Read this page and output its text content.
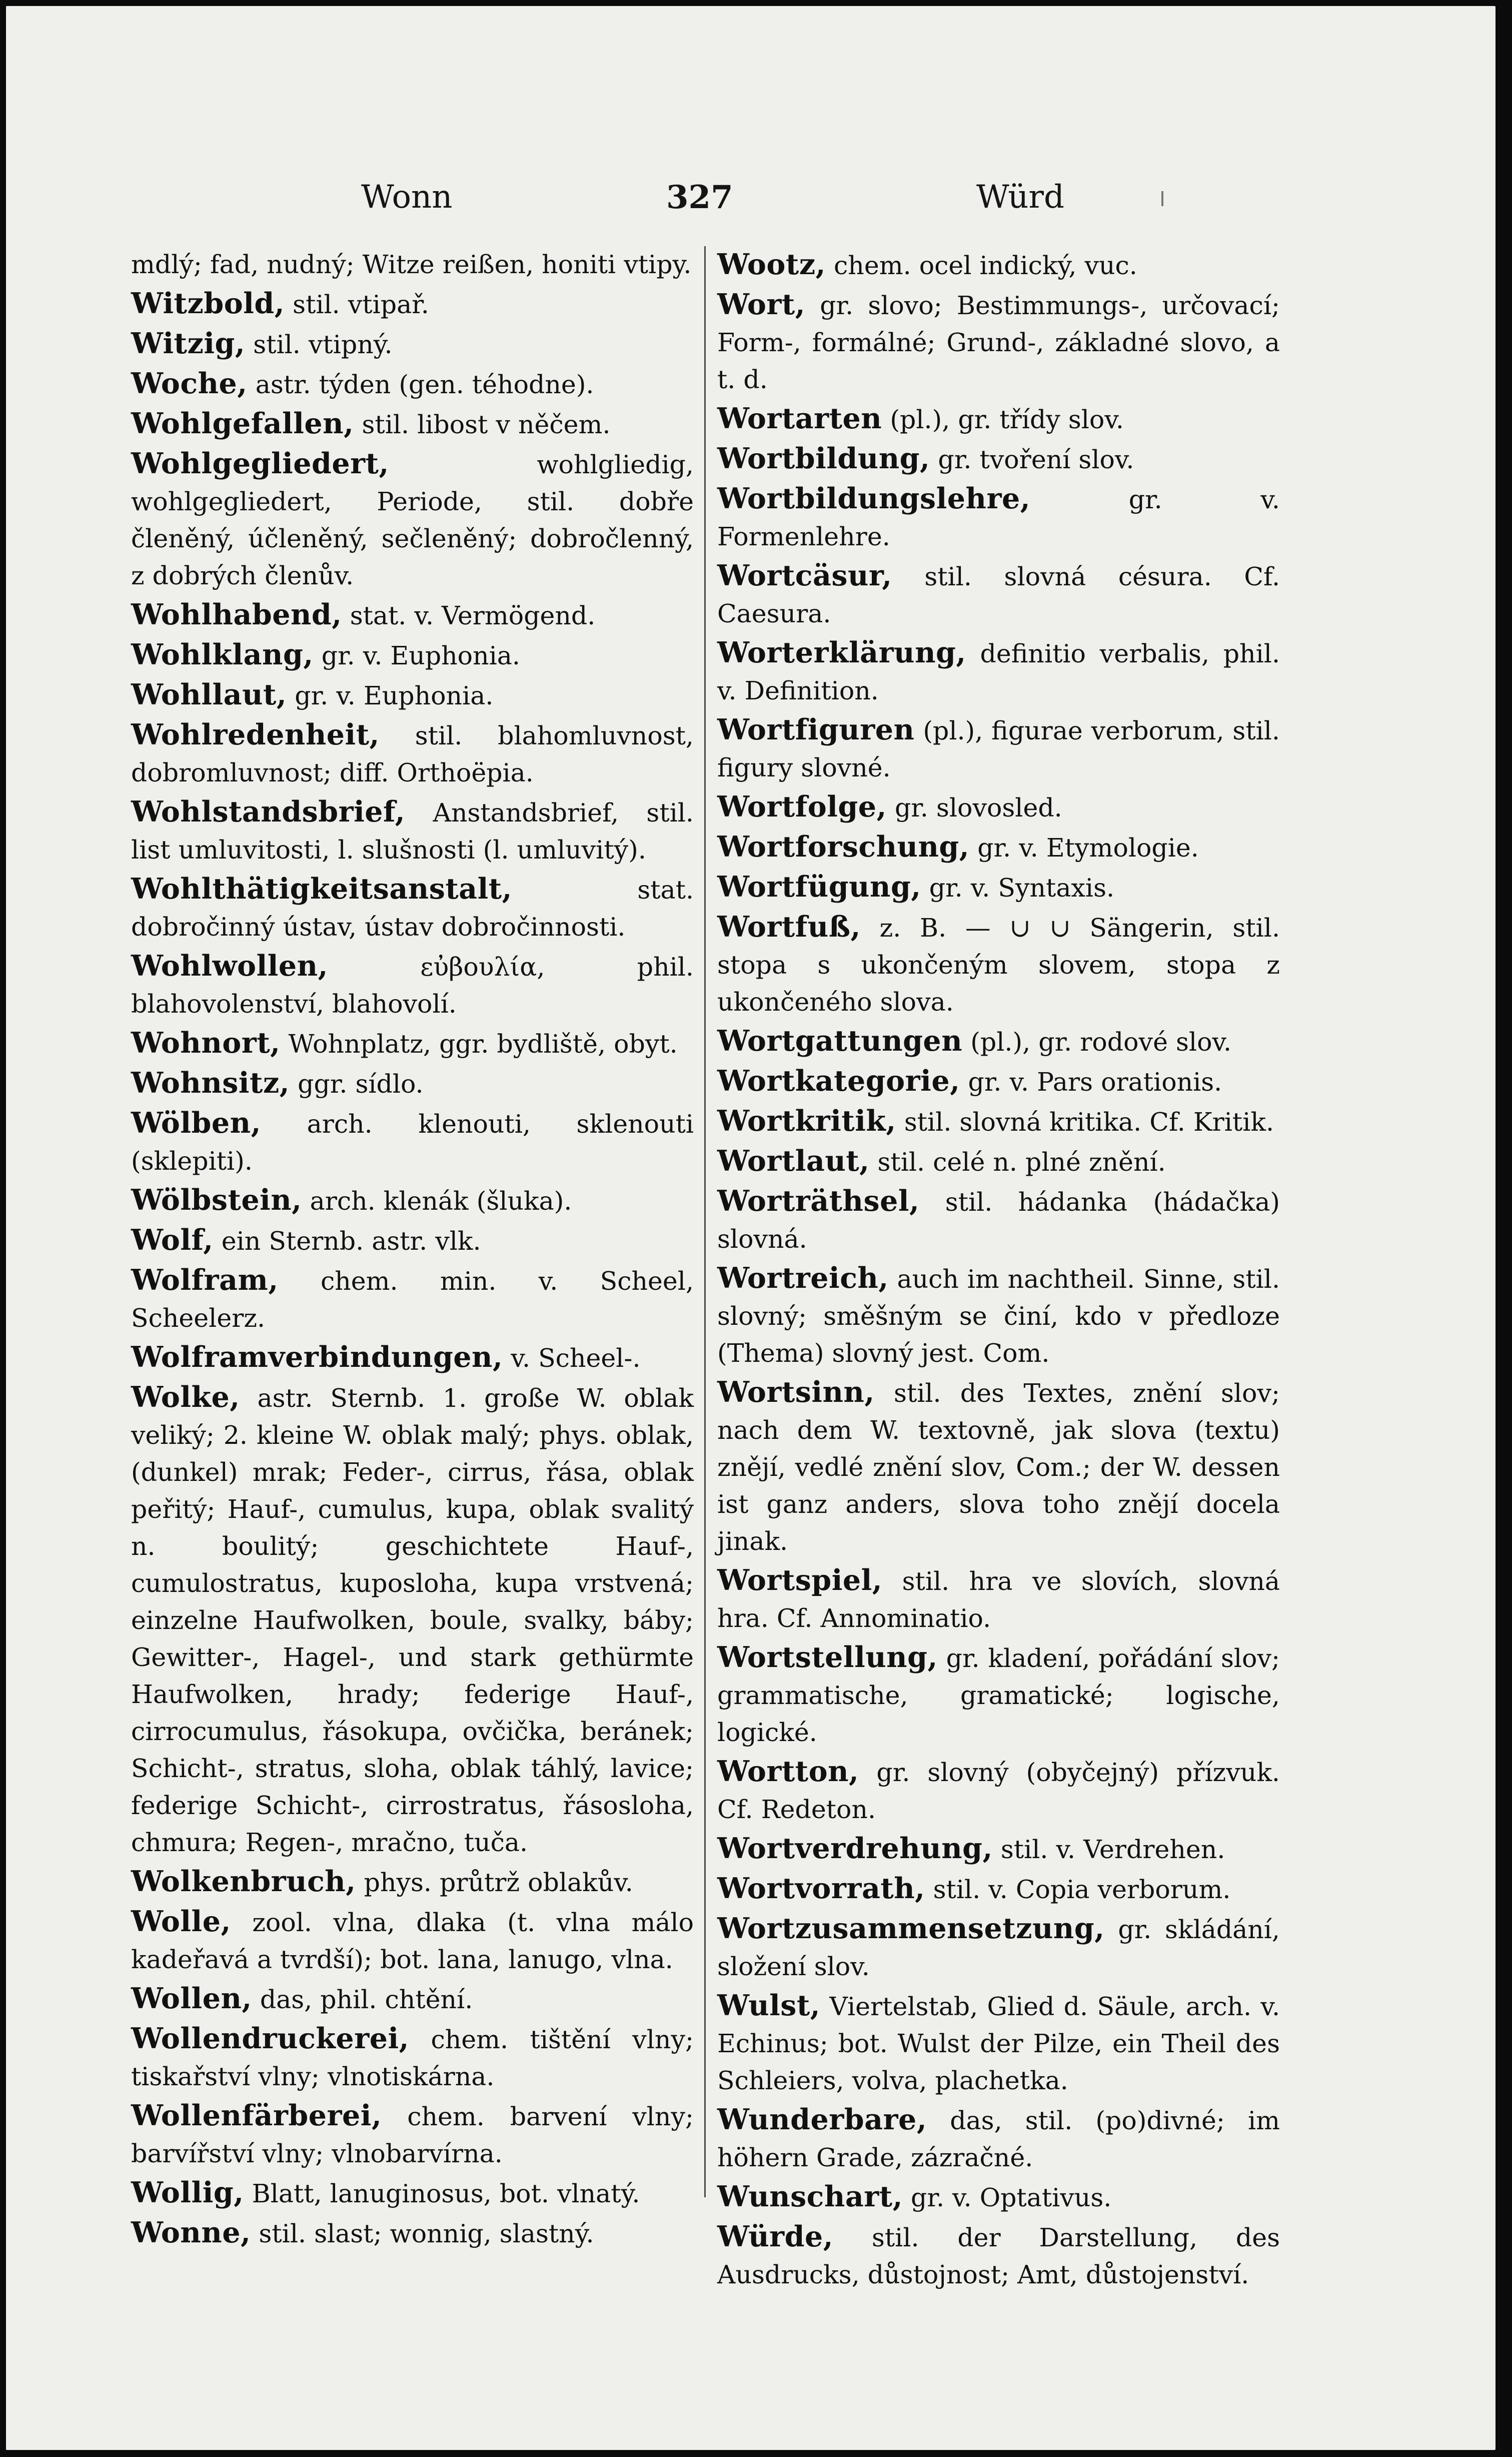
Wonn	327	Würd

mdlý; fad, nudný; Witze reißen, honiti vtipy.

Witzbold, stil. vtipař.

Witzig, stil. vtipný.

Woche, astr. týden (gen. téhodne).

Wohlgefallen, stil. libost v něčem.

Wohlgegliedert,	wohlgliedig, wohlgegliedert, Periode, stil. dobře členěný, účleněný, sečleněný; dobročlenný, z dobrých členův.

Wohlhabend, stat. v. Vermögend.

Wohlklang, gr. v. Euphonia.

Wohllaut, gr. v. Euphonia.

Wohlredenheit, stil. blahomluvnost, dobromluvnost; diff. Orthoëpia.

Wohlstandsbrief, Anstandsbrief, stil. list umluvitosti, l. slušnosti (l. umluvitý).

Wohlthätigkeitsanstalt,	stat. dobročinný ústav, ústav dobročinnosti.

Wohlwollen,	εὐβουλία, phil. blahovolenství, blahovolí.

Wohnort, Wohnplatz, ggr. bydliště, obyt.

Wohnsitz, ggr. sídlo.

Wölben, arch. klenouti, sklenouti (sklepiti).

Wölbstein, arch. klenák (šluka).

Wolf, ein Sternb. astr. vlk.

Wolfram, chem. min. v. Scheel, Scheelerz.

Wolframverbindungen, v. Scheel-.

Wolke, astr. Sternb. 1. große W. oblak veliký; 2. kleine W. oblak malý; phys. oblak, (dunkel) mrak; Feder-, cirrus, řása, oblak peřitý; Hauf-, cumulus, kupa, oblak svalitý n. boulitý; geschichtete Hauf-, cumulostratus, kuposloha, kupa vrstvená; einzelne Haufwolken, boule, svalky, báby; Gewitter-, Hagel-, und stark gethürmte Haufwolken, hrady; federige Hauf-, cirrocumulus, řásokupa, ovčička, beránek; Schicht-, stratus, sloha, oblak táhlý, lavice; federige Schicht-, cirrostratus, řásosloha, chmura; Regen-, mračno, tuča.

Wolkenbruch, phys. průtrž oblakův.

Wolle, zool. vlna, dlaka (t. vlna málo kadeřavá a tvrdší); bot. lana, lanugo, vlna.

Wollen, das, phil. chtění.

Wollendruckerei, chem. tištění vlny; tiskařství vlny; vlnotiskárna.

Wollenfärberei, chem. barvení vlny; barvířství vlny; vlnobarvírna.

Wollig, Blatt, lanuginosus, bot. vlnatý.

Wonne, stil. slast; wonnig, slastný.

Wootz, chem. ocel indický, vuc.

Wort, gr. slovo; Bestimmungs-, určovací; Form-, formálné; Grund-, základné slovo, a t. d.

Wortarten (pl.), gr. třídy slov.

Wortbildung, gr. tvoření slov.

Wortbildungslehre,	gr. v. Formenlehre.

Wortcäsur, stil. slovná césura. Cf. Caesura.

Worterklärung, definitio verbalis, phil. v. Definition.

Wortfiguren (pl.), figurae verborum, stil. figury slovné.

Wortfolge, gr. slovosled.

Wortforschung, gr. v. Etymologie.

Wortfügung, gr. v. Syntaxis.

Wortfuß, z. B. — ∪ ∪ Sängerin, stil. stopa s ukončeným slovem, stopa z ukončeného slova.

Wortgattungen (pl.), gr. rodové slov.

Wortkategorie, gr. v. Pars orationis.

Wortkritik, stil. slovná kritika. Cf. Kritik.

Wortlaut, stil. celé n. plné znění.

Worträthsel, stil. hádanka (hádačka) slovná.

Wortreich, auch im nachtheil. Sinne, stil. slovný; směšným se činí, kdo v předloze (Thema) slovný jest. Com.

Wortsinn, stil. des Textes, znění slov; nach dem W. textovně, jak slova (textu) znějí, vedlé znění slov, Com.; der W. dessen ist ganz anders, slova toho znějí docela jinak.

Wortspiel, stil. hra ve slovích, slovná hra. Cf. Annominatio.

Wortstellung, gr. kladení, pořádání slov; grammatische, gramatické; logische, logické.

Wortton, gr. slovný (obyčejný) přízvuk. Cf. Redeton.

Wortverdrehung, stil. v. Verdrehen.

Wortvorrath, stil. v. Copia verborum.

Wortzusammensetzung, gr. skládání, složení slov.

Wulst, Viertelstab, Glied d. Säule, arch. v. Echinus; bot. Wulst der Pilze, ein Theil des Schleiers, volva, plachetka.

Wunderbare, das, stil. (po)divné; im höhern Grade, zázračné.

Wunschart, gr. v. Optativus.

Würde, stil. der Darstellung, des Ausdrucks, důstojnost; Amt, důstojenství.
